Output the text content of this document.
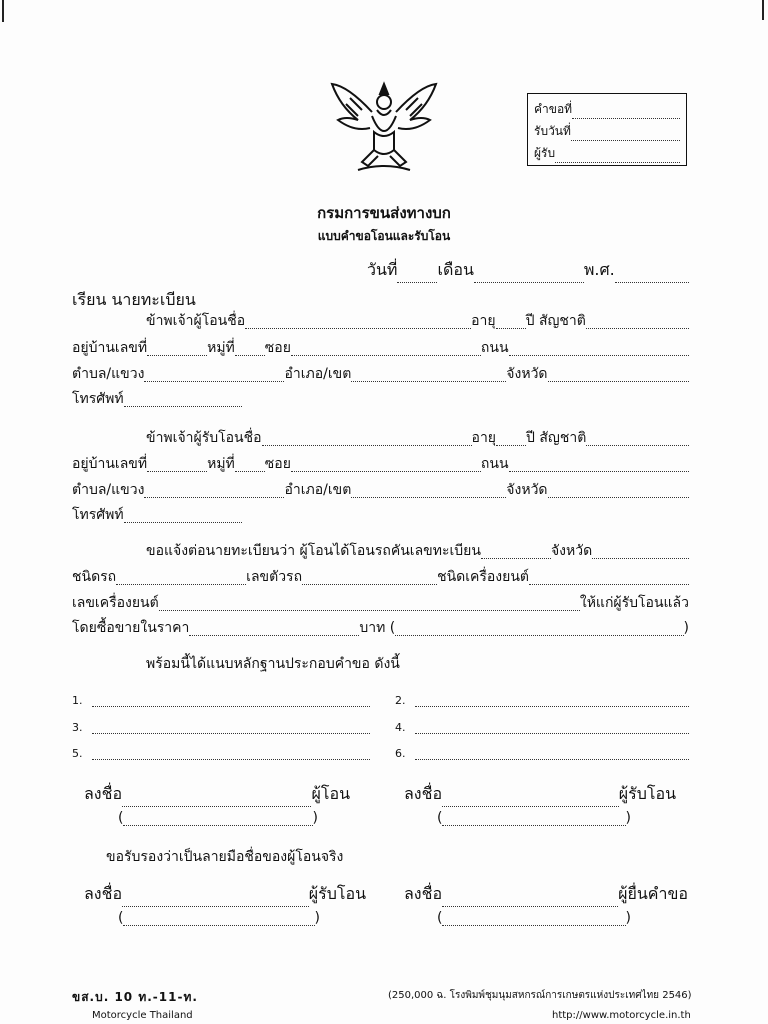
คำขอที่
รับวันที่
ผู้รับ
กรมการขนส่งทางบก
แบบคำขอโอนและรับโอน
วันที่	เดือน	พ.ศ.
เรียน นายทะเบียน
ข้าพเจ้าผู้โอนชื่อ	อายุ ปี สัญชาติ
อยู่บ้านเลขที่	หมู่ที่ ซอย	ถนน
ตำบล/แขวง	อำเภอ/เขต	จังหวัด
โทรศัพท์
ข้าพเจ้าผู้รับโอนชื่อ	อายุ ปี สัญชาติ
อยู่บ้านเลขที่	หมู่ที่ ซอย	ถนน
ตำบล/แขวง	อำเภอ/เขต	จังหวัด
โทรศัพท์
ขอแจ้งต่อนายทะเบียนว่า ผู้โอนได้โอนรถคันเลขทะเบียน	จังหวัด
ชนิดรถ	เลขตัวรถ	ชนิดเครื่องยนต์
เลขเครื่องยนต์	ให้แก่ผู้รับโอนแล้ว
โดยซื้อขายในราคา	บาท (	)
พร้อมนี้ได้แนบหลักฐานประกอบคำขอ ดังนี้
1.	2.
3.	4.
5.	6.
ลงชื่อ	ผู้โอน
(	)
ลงชื่อ	ผู้รับโอน
(	)
ขอรับรองว่าเป็นลายมือชื่อของผู้โอนจริง
ลงชื่อ	ผู้รับโอน
(	)
ลงชื่อ	ผู้ยื่นคำขอ
(	)
ขส.บ. 10 ท.-11-ท.	(250,000 ฉ. โรงพิมพ์ชุมนุมสหกรณ์การเกษตรแห่งประเทศไทย 2546)
Motorcycle Thailand	http://www.motorcycle.in.th
